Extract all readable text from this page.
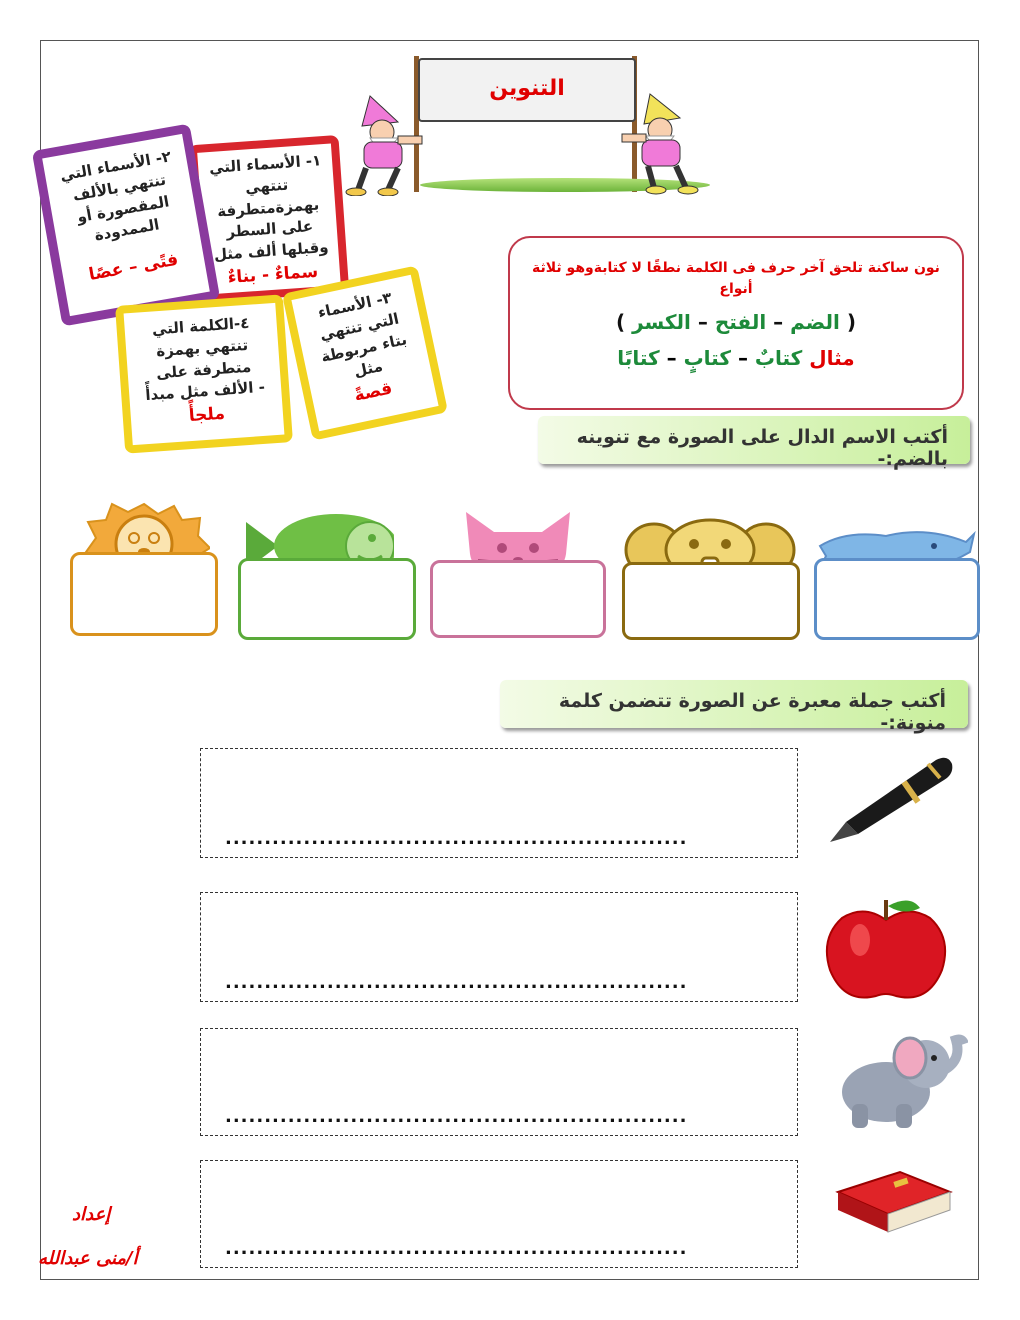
التنوين
١- الأسماء التي تنتهي بهمزةمتطرفة على السطر وقبلها ألف مثل
سماءٌ - بناءٌ
٢- الأسماء التي تنتهي بالألف المقصورة أو الممدودة
فتًى – عصًا
٣- الأسماء التي تنتهي بتاء مربوطة مثل
قصةً
٤-الكلمة التي تنتهي بهمزة متطرفة على الألف مثل مبدأً -
ملجأً
نون ساكنة تلحق آخر حرف فى الكلمة نطقًا لا كتابةوهو ثلاثة أنواع
( الضم – الفتح – الكسر )
مثال كتابٌ – كتابٍ – كتابًا
أكتب الاسم الدال على الصورة مع تنوينه بالضم:-
أكتب جملة معبرة عن الصورة تتضمن كلمة منونة:-
...........................................................
...........................................................
...........................................................
...........................................................
إعداد
أ/منى عبدالله
